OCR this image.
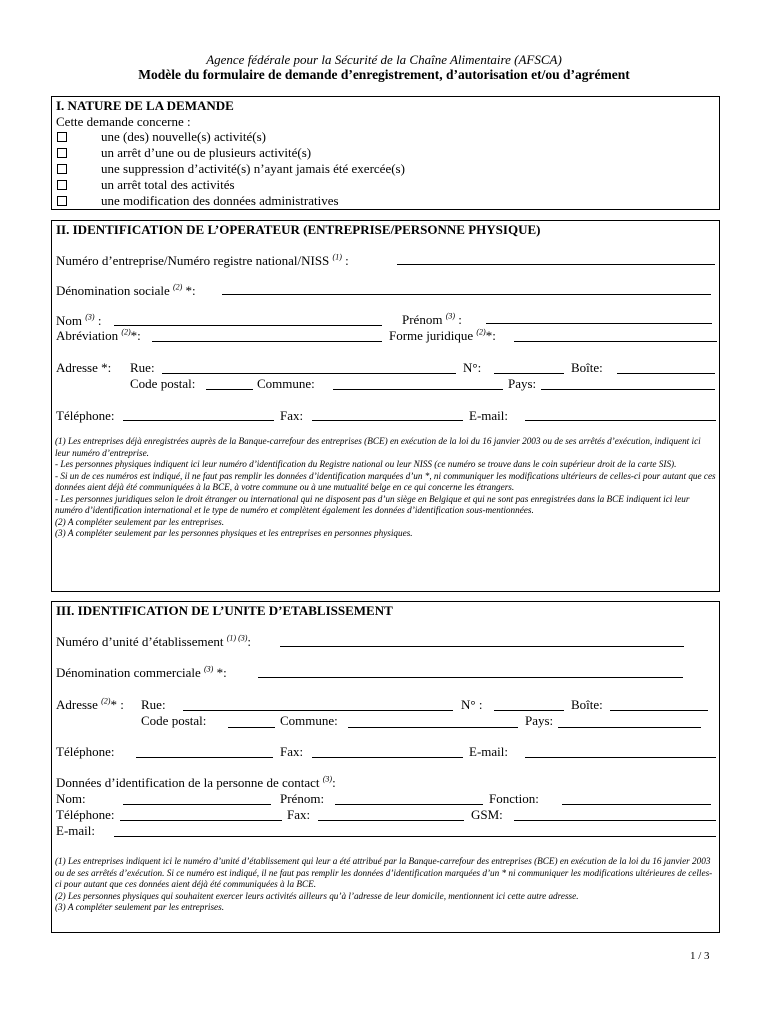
Agence fédérale pour la Sécurité de la Chaîne Alimentaire (AFSCA)
Modèle du formulaire de demande d’enregistrement, d’autorisation et/ou d’agrément
I. NATURE DE LA DEMANDE
Cette demande concerne :
une (des) nouvelle(s) activité(s)
un arrêt d’une ou de plusieurs activité(s)
une suppression d’activité(s) n’ayant jamais été exercée(s)
un arrêt total des activités
une modification des données administratives
II. IDENTIFICATION DE L’OPERATEUR (ENTREPRISE/PERSONNE PHYSIQUE)
Numéro d’entreprise/Numéro registre national/NISS $^{(1)}$ :
Dénomination sociale $^{(2)}$ *:
Nom $^{(3)}$ :	Prénom $^{(3)}$ :
Abréviation $^{(2)}$*:	Forme juridique $^{(2)}$*:
Adresse *: Rue:	N°:	Boîte:
Code postal:	Commune:	Pays:
Téléphone:	Fax:	E-mail:

(1) Les entreprises déjà enregistrées auprès de la Banque-carrefour des entreprises (BCE) en exécution de la loi du 16 janvier 2003 ou de ses arrêtés d’exécution, indiquent ici leur numéro d’entreprise.

- Les personnes physiques indiquent ici leur numéro d’identification du Registre national ou leur NISS (ce numéro se trouve dans le coin supérieur droit de la carte SIS).

- Si un de ces numéros est indiqué, il ne faut pas remplir les données d’identification marquées d’un *, ni communiquer les modifications ultérieurs de celles-ci pour autant que ces données aient déjà été communiquées à la BCE, à votre commune ou à une mutualité belge en ce qui concerne les étrangers.

- Les personnes juridiques selon le droit étranger ou international qui ne disposent pas d’un siège en Belgique et qui ne sont pas enregistrées dans la BCE indiquent ici leur numéro d’identification international et le type de numéro et complètent également les données d’identification sous-mentionnées.

(2) A compléter seulement par les entreprises.

(3) A compléter seulement par les personnes physiques et les entreprises en personnes physiques.

III. IDENTIFICATION DE L’UNITE D’ETABLISSEMENT
Numéro d’unité d’établissement $^{(1) (3)}$:
Dénomination commerciale $^{(3)}$ *:
Adresse $^{(2)}$* : Rue:	N° :	Boîte:
Code postal:	Commune:	Pays:
Téléphone:	Fax:	E-mail:
Données d’identification de la personne de contact $^{(3)}$:
Nom:	Prénom:	Fonction:
Téléphone:	Fax:	GSM:
E-mail:

(1) Les entreprises indiquent ici le numéro d’unité d’établissement qui leur a été attribué par la Banque-carrefour des entreprises (BCE) en exécution de la loi du 16 janvier 2003 ou de ses arrêtés d’exécution. Si ce numéro est indiqué, il ne faut pas remplir les données d’identification marquées d’un * ni communiquer les modifications ultérieures de celles-ci pour autant que ces données aient déjà été communiquées à la BCE.

(2) Les personnes physiques qui souhaitent exercer leurs activités ailleurs qu’à l’adresse de leur domicile, mentionnent ici cette autre adresse.

(3) A compléter seulement par les entreprises.

1 / 3
